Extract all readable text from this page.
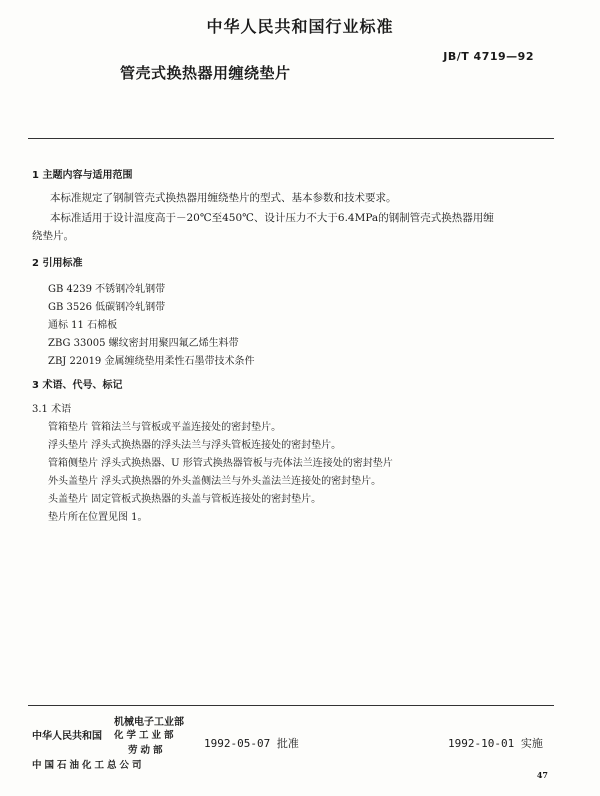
中华人民共和国行业标准
JB/T 4719—92
管壳式换热器用缠绕垫片
1 主题内容与适用范围
本标准规定了钢制管壳式换热器用缠绕垫片的型式、基本参数和技术要求。
本标准适用于设计温度高于－20℃至450℃、设计压力不大于6.4MPa的钢制管壳式换热器用缠
绕垫片。
2 引用标准
GB 4239 不锈钢冷轧钢带
GB 3526 低碳钢冷轧钢带
通标 11 石棉板
ZBG 33005 螺纹密封用聚四氟乙烯生料带
ZBJ 22019 金属缠绕垫用柔性石墨带技术条件
3 术语、代号、标记
3.1 术语
管箱垫片 管箱法兰与管板或平盖连接处的密封垫片。
浮头垫片 浮头式换热器的浮头法兰与浮头管板连接处的密封垫片。
管箱侧垫片 浮头式换热器、U 形管式换热器管板与壳体法兰连接处的密封垫片
外头盖垫片 浮头式换热器的外头盖侧法兰与外头盖法兰连接处的密封垫片。
头盖垫片 固定管板式换热器的头盖与管板连接处的密封垫片。
垫片所在位置见图 1。
机械电子工业部
中华人民共和国 化学工业部
劳动部
1992-05-07 批准	1992-10-01 实施
中国石油化工总公司
47
